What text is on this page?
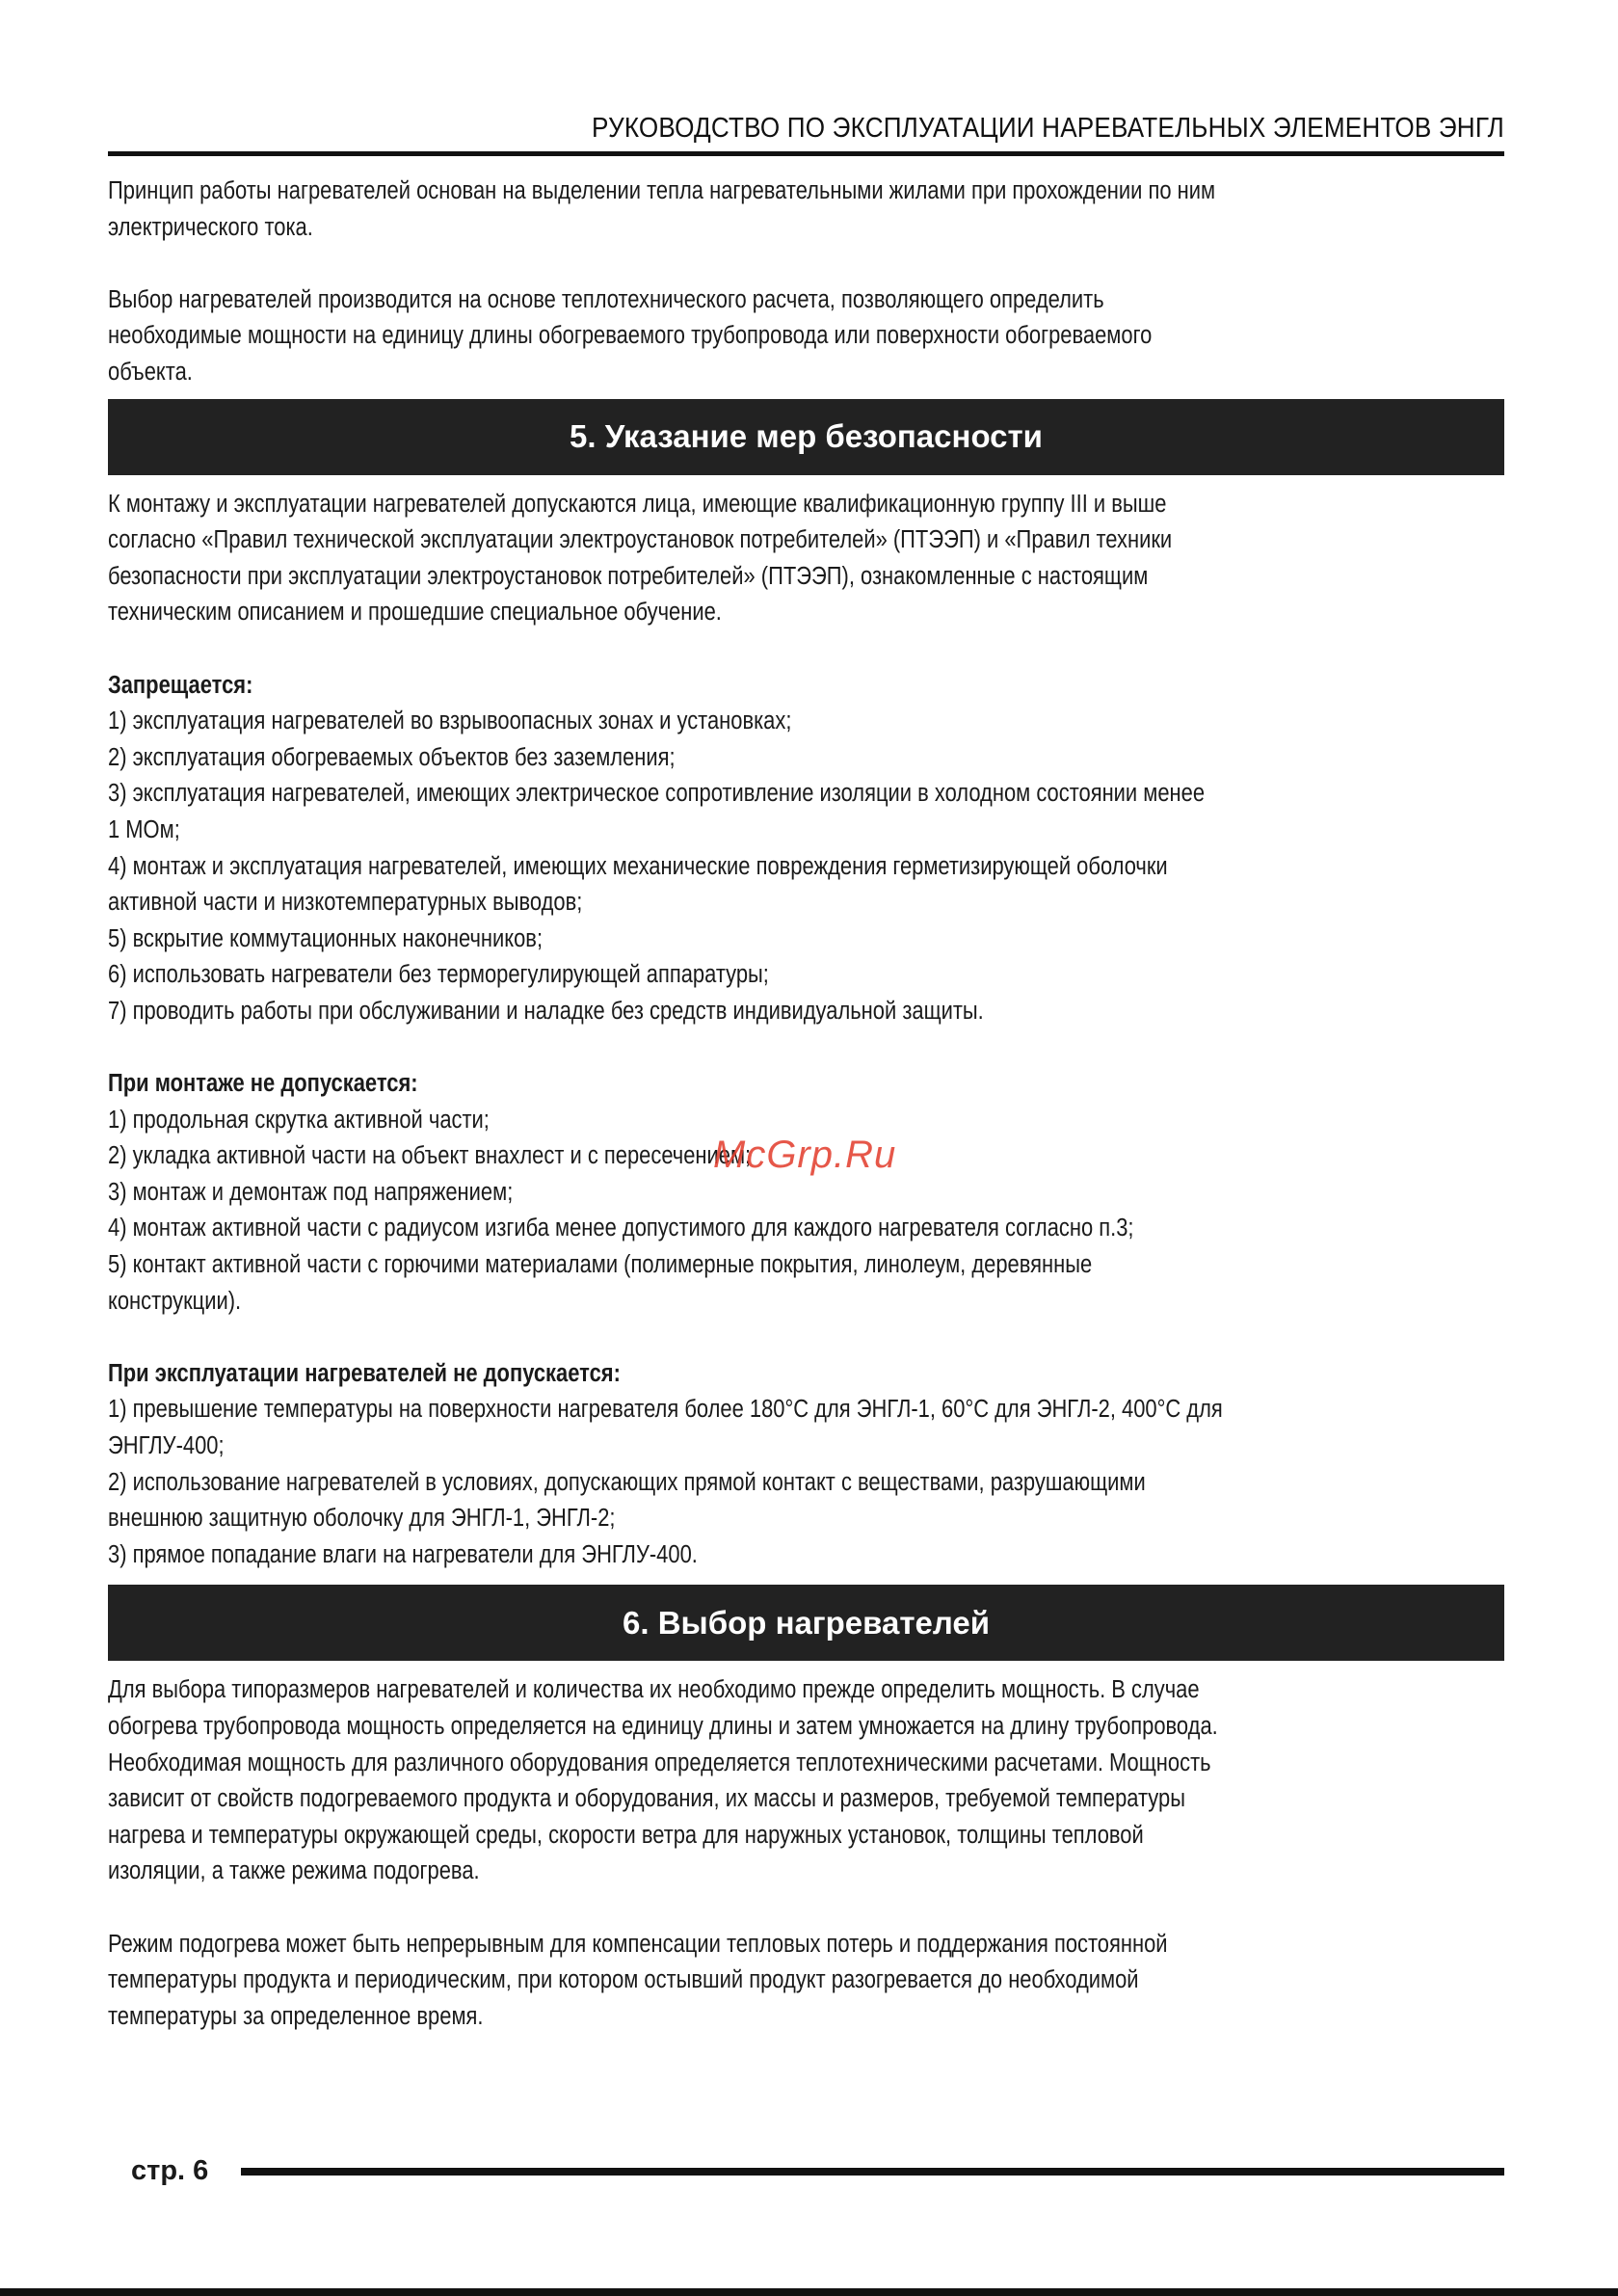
РУКОВОДСТВО ПО ЭКСПЛУАТАЦИИ НАРЕВАТЕЛЬНЫХ ЭЛЕМЕНТОВ ЭНГЛ

Принцип работы нагревателей основан на выделении тепла нагревательными жилами при прохождении по ним

электрического тока.

Выбор нагревателей производится на основе теплотехнического расчета, позволяющего определить

необходимые мощности на единицу длины обогреваемого трубопровода или поверхности обогреваемого

объекта.

5. Указание мер безопасности

К монтажу и эксплуатации нагревателей допускаются лица, имеющие квалификационную группу III и выше

согласно «Правил технической эксплуатации электроустановок потребителей» (ПТЭЭП) и «Правил техники

безопасности при эксплуатации электроустановок потребителей» (ПТЭЭП), ознакомленные с настоящим

техническим описанием и прошедшие специальное обучение.

Запрещается:

1) эксплуатация нагревателей во взрывоопасных зонах и установках;

2) эксплуатация обогреваемых объектов без заземления;

3) эксплуатация нагревателей, имеющих электрическое сопротивление изоляции в холодном состоянии менее

1 МОм;

4) монтаж и эксплуатация нагревателей, имеющих механические повреждения герметизирующей оболочки

активной части и низкотемпературных выводов;

5) вскрытие коммутационных наконечников;

6) использовать нагреватели без терморегулирующей аппаратуры;

7) проводить работы при обслуживании и наладке без средств индивидуальной защиты.

При монтаже не допускается:

1) продольная скрутка активной части;

2) укладка активной части на объект внахлест и с пересечением;

3) монтаж и демонтаж под напряжением;

4) монтаж активной части с радиусом изгиба менее допустимого для каждого нагревателя согласно п.3;

5) контакт активной части с горючими материалами (полимерные покрытия, линолеум, деревянные

конструкции).

При эксплуатации нагревателей не допускается:

1) превышение температуры на поверхности нагревателя более 180°С для ЭНГЛ-1, 60°С для ЭНГЛ-2, 400°С для

ЭНГЛУ-400;

2) использование нагревателей в условиях, допускающих прямой контакт с веществами, разрушающими

внешнюю защитную оболочку для ЭНГЛ-1, ЭНГЛ-2;

3) прямое попадание влаги на нагреватели для ЭНГЛУ-400.

6. Выбор нагревателей

Для выбора типоразмеров нагревателей и количества их необходимо прежде определить мощность. В случае

обогрева трубопровода мощность определяется на единицу длины и затем умножается на длину трубопровода.

Необходимая мощность для различного оборудования определяется теплотехническими расчетами. Мощность

зависит от свойств подогреваемого продукта и оборудования, их массы и размеров, требуемой температуры

нагрева и температуры окружающей среды, скорости ветра для наружных установок, толщины тепловой

изоляции, а также режима подогрева.

Режим подогрева может быть непрерывным для компенсации тепловых потерь и поддержания постоянной

температуры продукта и периодическим, при котором остывший продукт разогревается до необходимой

температуры за определенное время.

McGrp.Ru
стр. 6
